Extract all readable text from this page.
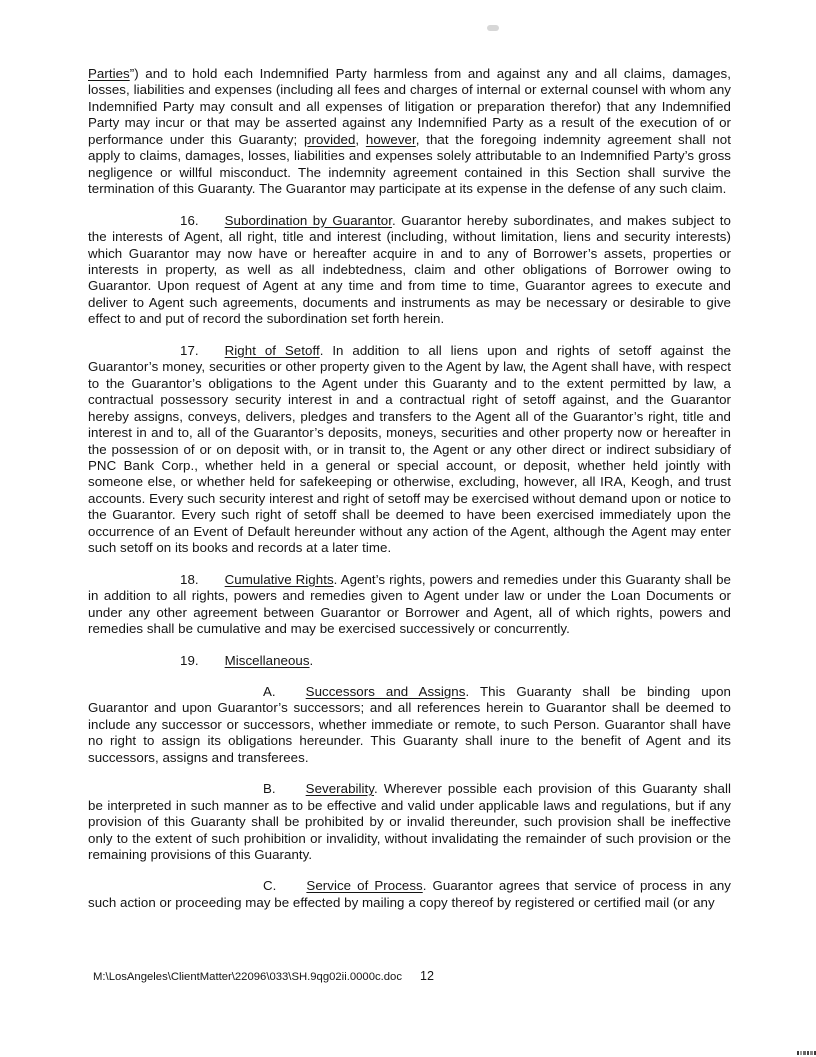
Parties”) and to hold each Indemnified Party harmless from and against any and all claims, damages, losses, liabilities and expenses (including all fees and charges of internal or external counsel with whom any Indemnified Party may consult and all expenses of litigation or preparation therefor) that any Indemnified Party may incur or that may be asserted against any Indemnified Party as a result of the execution of or performance under this Guaranty; provided, however, that the foregoing indemnity agreement shall not apply to claims, damages, losses, liabilities and expenses solely attributable to an Indemnified Party’s gross negligence or willful misconduct. The indemnity agreement contained in this Section shall survive the termination of this Guaranty. The Guarantor may participate at its expense in the defense of any such claim.

16. Subordination by Guarantor. Guarantor hereby subordinates, and makes subject to the interests of Agent, all right, title and interest (including, without limitation, liens and security interests) which Guarantor may now have or hereafter acquire in and to any of Borrower’s assets, properties or interests in property, as well as all indebtedness, claim and other obligations of Borrower owing to Guarantor. Upon request of Agent at any time and from time to time, Guarantor agrees to execute and deliver to Agent such agreements, documents and instruments as may be necessary or desirable to give effect to and put of record the subordination set forth herein.

17. Right of Setoff. In addition to all liens upon and rights of setoff against the Guarantor’s money, securities or other property given to the Agent by law, the Agent shall have, with respect to the Guarantor’s obligations to the Agent under this Guaranty and to the extent permitted by law, a contractual possessory security interest in and a contractual right of setoff against, and the Guarantor hereby assigns, conveys, delivers, pledges and transfers to the Agent all of the Guarantor’s right, title and interest in and to, all of the Guarantor’s deposits, moneys, securities and other property now or hereafter in the possession of or on deposit with, or in transit to, the Agent or any other direct or indirect subsidiary of PNC Bank Corp., whether held in a general or special account, or deposit, whether held jointly with someone else, or whether held for safekeeping or otherwise, excluding, however, all IRA, Keogh, and trust accounts. Every such security interest and right of setoff may be exercised without demand upon or notice to the Guarantor. Every such right of setoff shall be deemed to have been exercised immediately upon the occurrence of an Event of Default hereunder without any action of the Agent, although the Agent may enter such setoff on its books and records at a later time.

18. Cumulative Rights. Agent’s rights, powers and remedies under this Guaranty shall be in addition to all rights, powers and remedies given to Agent under law or under the Loan Documents or under any other agreement between Guarantor or Borrower and Agent, all of which rights, powers and remedies shall be cumulative and may be exercised successively or concurrently.

19. Miscellaneous.

A. Successors and Assigns. This Guaranty shall be binding upon Guarantor and upon Guarantor’s successors; and all references herein to Guarantor shall be deemed to include any successor or successors, whether immediate or remote, to such Person. Guarantor shall have no right to assign its obligations hereunder. This Guaranty shall inure to the benefit of Agent and its successors, assigns and transferees.

B. Severability. Wherever possible each provision of this Guaranty shall be interpreted in such manner as to be effective and valid under applicable laws and regulations, but if any provision of this Guaranty shall be prohibited by or invalid thereunder, such provision shall be ineffective only to the extent of such prohibition or invalidity, without invalidating the remainder of such provision or the remaining provisions of this Guaranty.

C. Service of Process. Guarantor agrees that service of process in any such action or proceeding may be effected by mailing a copy thereof by registered or certified mail (or any

M:\LosAngeles\ClientMatter\22096\033\SH.9qg02ii.0000c.doc 12
